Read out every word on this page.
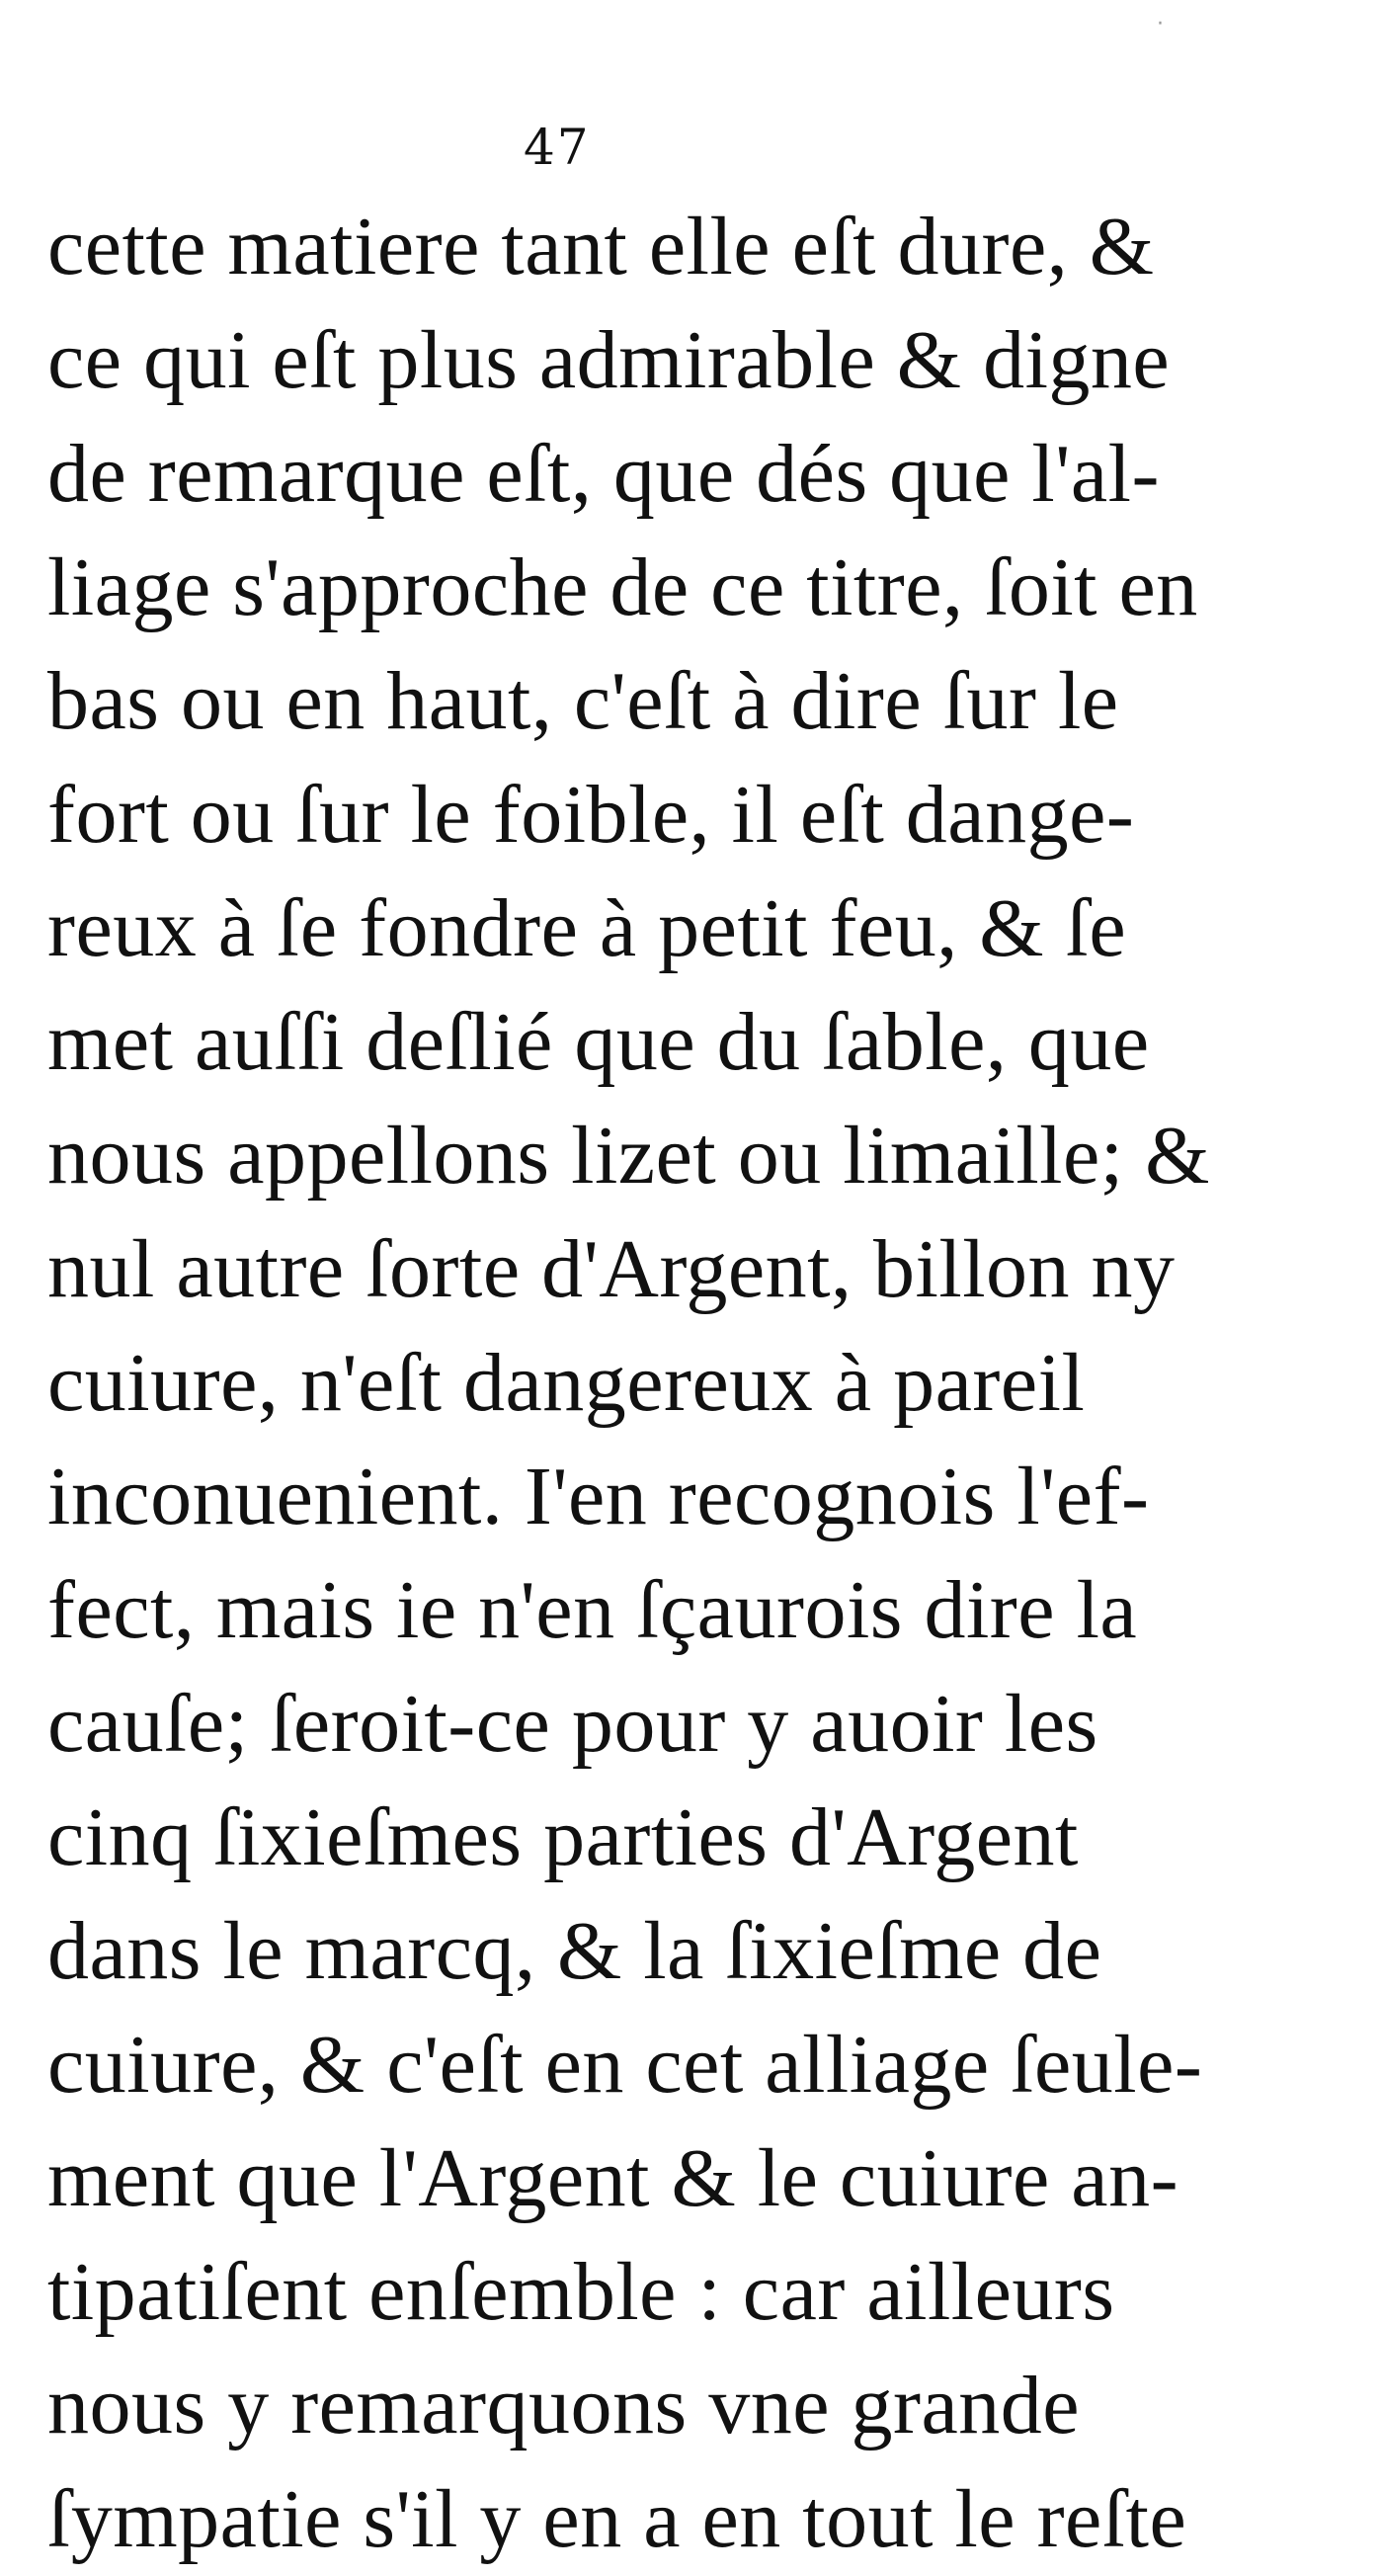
·
47
cette matiere tant elle eſt dure, &
ce qui eſt plus admirable & digne
de remarque eſt, que dés que l'al-
liage s'approche de ce titre, ſoit en
bas ou en haut, c'eſt à dire ſur le
fort ou ſur le foible, il eſt dange-
reux à ſe fondre à petit feu, & ſe
met auſſi deſlié que du ſable, que
nous appellons lizet ou limaille; &
nul autre ſorte d'Argent, billon ny
cuiure, n'eſt dangereux à pareil
inconuenient. I'en recognois l'ef-
fect, mais ie n'en ſçaurois dire la
cauſe; ſeroit-ce pour y auoir les
cinq ſixieſmes parties d'Argent
dans le marcq, & la ſixieſme de
cuiure, & c'eſt en cet alliage ſeule-
ment que l'Argent & le cuiure an-
tipatiſent enſemble : car ailleurs
nous y remarquons vne grande
ſympatie s'il y en a en tout le reſte
